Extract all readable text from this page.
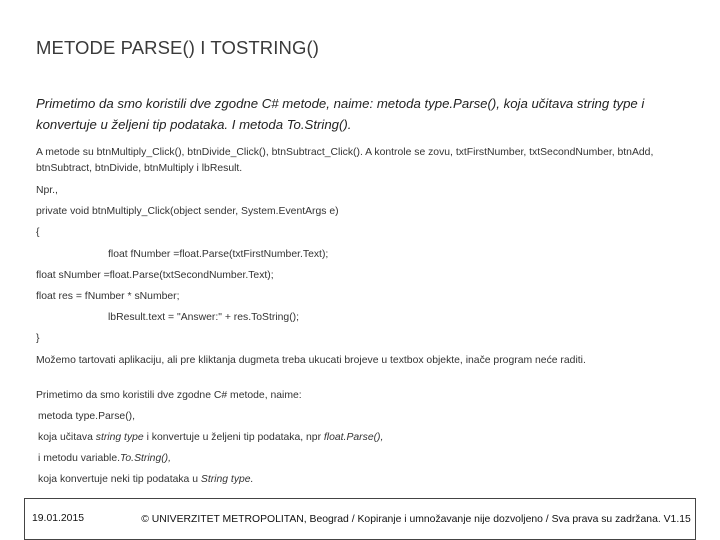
METODE PARSE() I TOSTRING()
Primetimo da smo koristili dve zgodne C# metode, naime: metoda type.Parse(), koja učitava string type i konvertuje u željeni tip podataka. I metoda To.String().
A metode su btnMultiply_Click(), btnDivide_Click(), btnSubtract_Click(). A kontrole se zovu, txtFirstNumber, txtSecondNumber, btnAdd, btnSubtract, btnDivide, btnMultiply i lbResult.
Npr.,
private void btnMultiply_Click(object sender, System.EventArgs e)
{
float fNumber =float.Parse(txtFirstNumber.Text);
float sNumber =float.Parse(txtSecondNumber.Text);
float res = fNumber * sNumber;
lbResult.text = "Answer:" + res.ToString();
}
Možemo tartovati aplikaciju, ali pre kliktanja dugmeta treba ukucati brojeve u textbox objekte, inače program neće raditi.
Primetimo da smo koristili dve zgodne C# metode, naime:
metoda type.Parse(),
koja učitava string type i konvertuje u željeni tip podataka, npr float.Parse(),
i metodu variable.To.String(),
koja konvertuje neki tip podataka u String type.
19.01.2015	© UNIVERZITET METROPOLITAN, Beograd / Kopiranje i umnožavanje nije dozvoljeno / Sva prava su zadržana. V1.15
